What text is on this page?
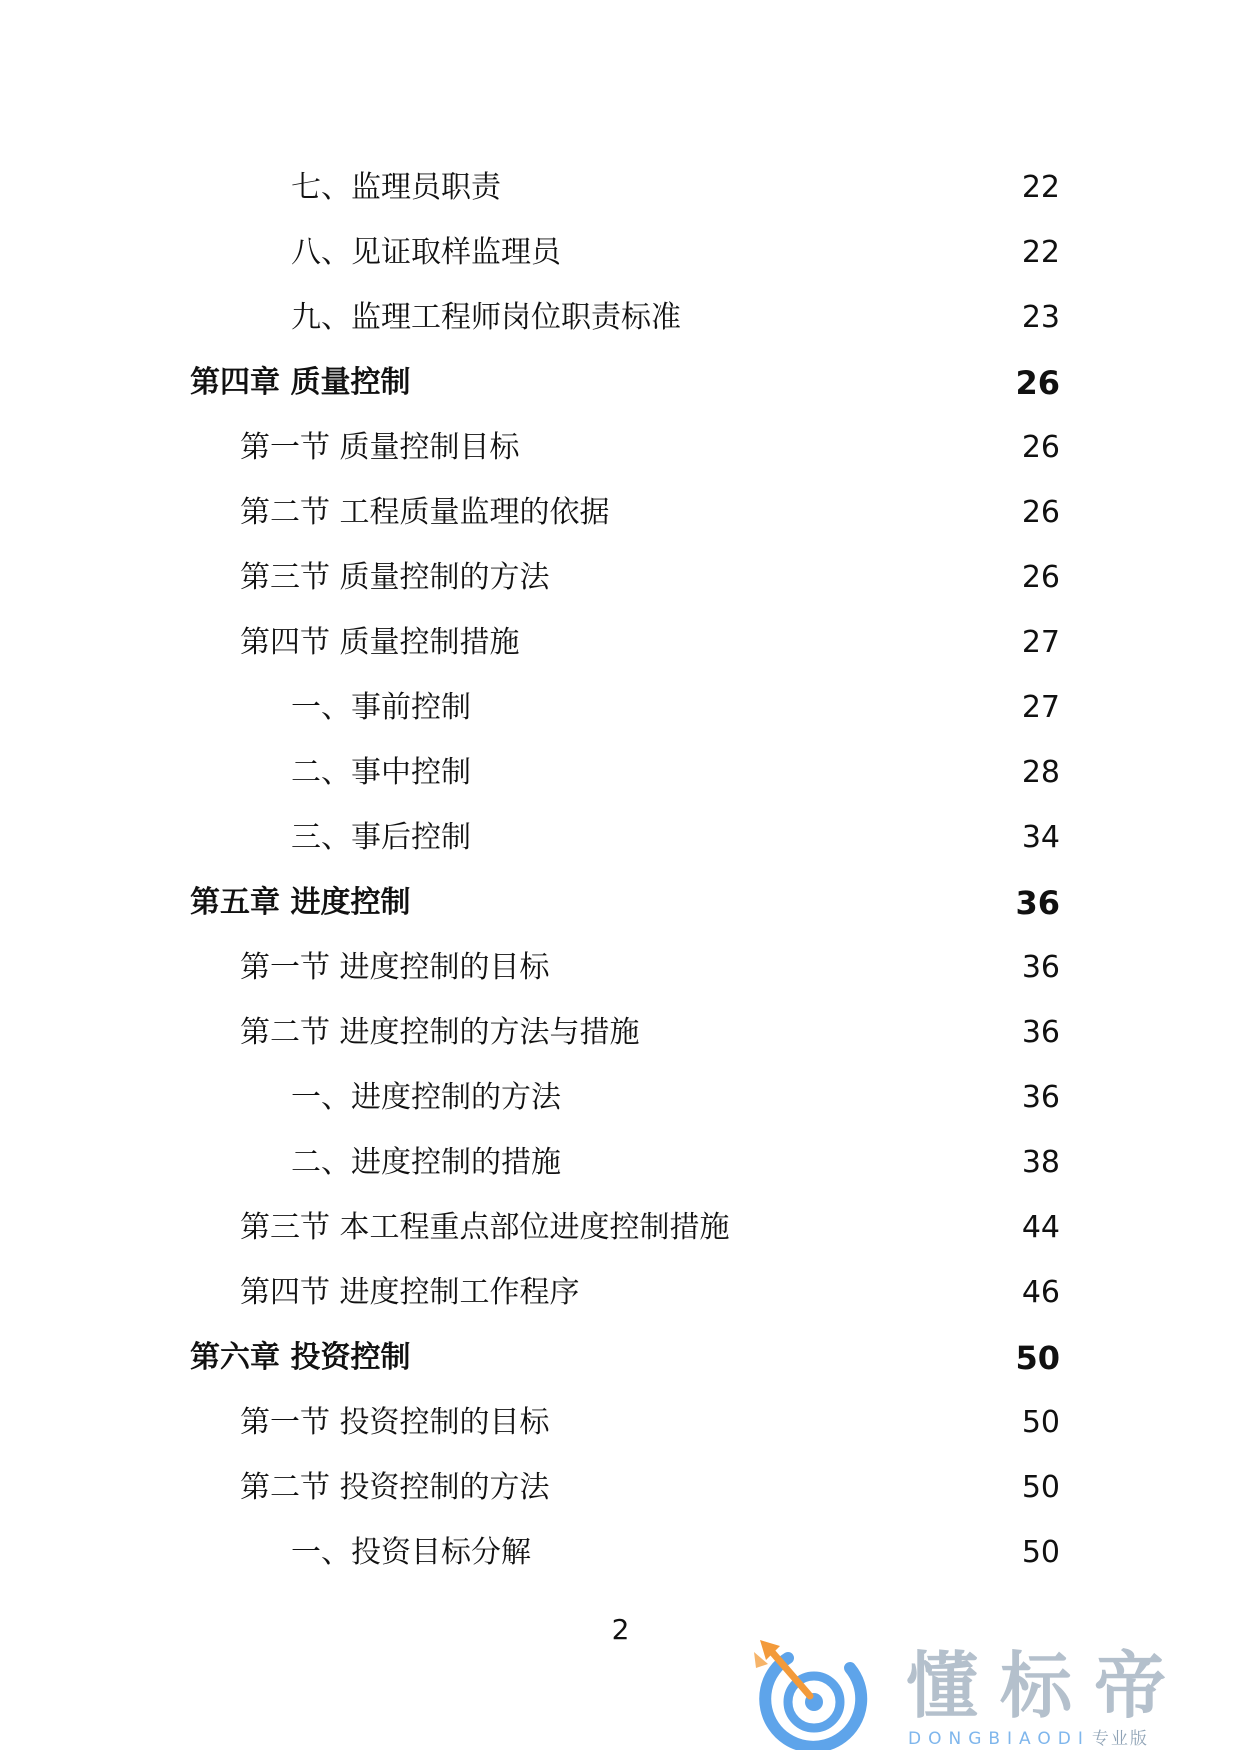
七、监理员职责	22
八、见证取样监理员	22
九、监理工程师岗位职责标准	23
第四章 质量控制	26
第一节 质量控制目标	26
第二节 工程质量监理的依据	26
第三节 质量控制的方法	26
第四节 质量控制措施	27
一、事前控制	27
二、事中控制	28
三、事后控制	34
第五章 进度控制	36
第一节 进度控制的目标	36
第二节 进度控制的方法与措施	36
一、进度控制的方法	36
二、进度控制的措施	38
第三节 本工程重点部位进度控制措施	44
第四节 进度控制工作程序	46
第六章 投资控制	50
第一节 投资控制的目标	50
第二节 投资控制的方法	50
一、投资目标分解	50
2
懂标帝
DONGBIAODI 专业版
